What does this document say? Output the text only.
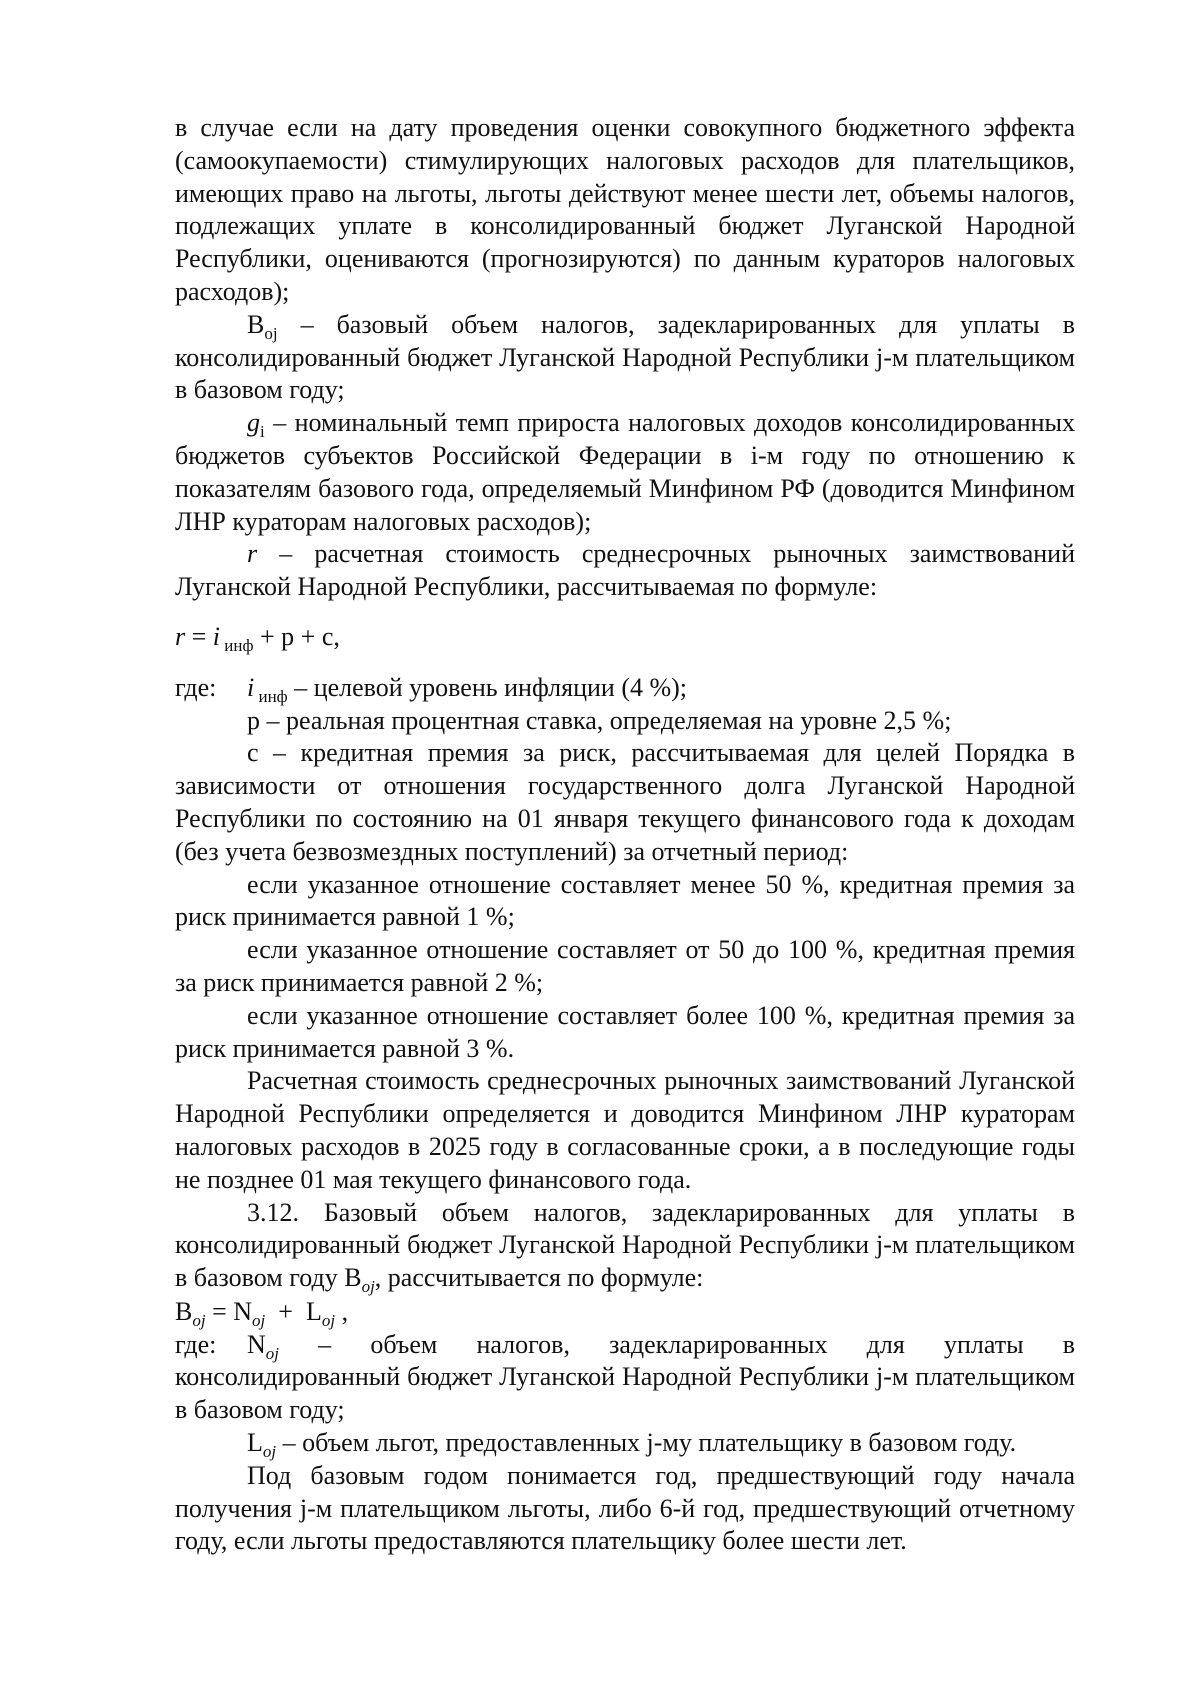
в случае если на дату проведения оценки совокупного бюджетного эффекта (самоокупаемости) стимулирующих налоговых расходов для плательщиков, имеющих право на льготы, льготы действуют менее шести лет, объемы налогов, подлежащих уплате в консолидированный бюджет Луганской Народной Республики, оцениваются (прогнозируются) по данным кураторов налоговых расходов);

$B_{oj}$ – базовый объем налогов, задекларированных для уплаты в консолидированный бюджет Луганской Народной Республики j-м плательщиком в базовом году;

$g_i$ – номинальный темп прироста налоговых доходов консолидированных бюджетов субъектов Российской Федерации в i-м году по отношению к показателям базового года, определяемый Минфином РФ (доводится Минфином ЛНР кураторам налоговых расходов);

r – расчетная стоимость среднесрочных рыночных заимствований Луганской Народной Республики, рассчитываемая по формуле:

r = i $_{инф}$ + р + с,

где: i $_{инф}$ – целевой уровень инфляции (4 %);

р – реальная процентная ставка, определяемая на уровне 2,5 %;

с – кредитная премия за риск, рассчитываемая для целей Порядка в зависимости от отношения государственного долга Луганской Народной Республики по состоянию на 01 января текущего финансового года к доходам (без учета безвозмездных поступлений) за отчетный период:

если указанное отношение составляет менее 50 %, кредитная премия за риск принимается равной 1 %;

если указанное отношение составляет от 50 до 100 %, кредитная премия за риск принимается равной 2 %;

если указанное отношение составляет более 100 %, кредитная премия за риск принимается равной 3 %.

Расчетная стоимость среднесрочных рыночных заимствований Луганской Народной Республики определяется и доводится Минфином ЛНР кураторам налоговых расходов в 2025 году в согласованные сроки, а в последующие годы не позднее 01 мая текущего финансового года.

3.12. Базовый объем налогов, задекларированных для уплаты в консолидированный бюджет Луганской Народной Республики j-м плательщиком в базовом году $B_{oj}$, рассчитывается по формуле:

$B_{oj} = N_{oj} + L_{oj}$ ,

где: $N_{oj}$ – объем налогов, задекларированных для уплаты в консолидированный бюджет Луганской Народной Республики j-м плательщиком в базовом году;

$L_{oj}$ – объем льгот, предоставленных j-му плательщику в базовом году.

Под базовым годом понимается год, предшествующий году начала получения j-м плательщиком льготы, либо 6-й год, предшествующий отчетному году, если льготы предоставляются плательщику более шести лет.
